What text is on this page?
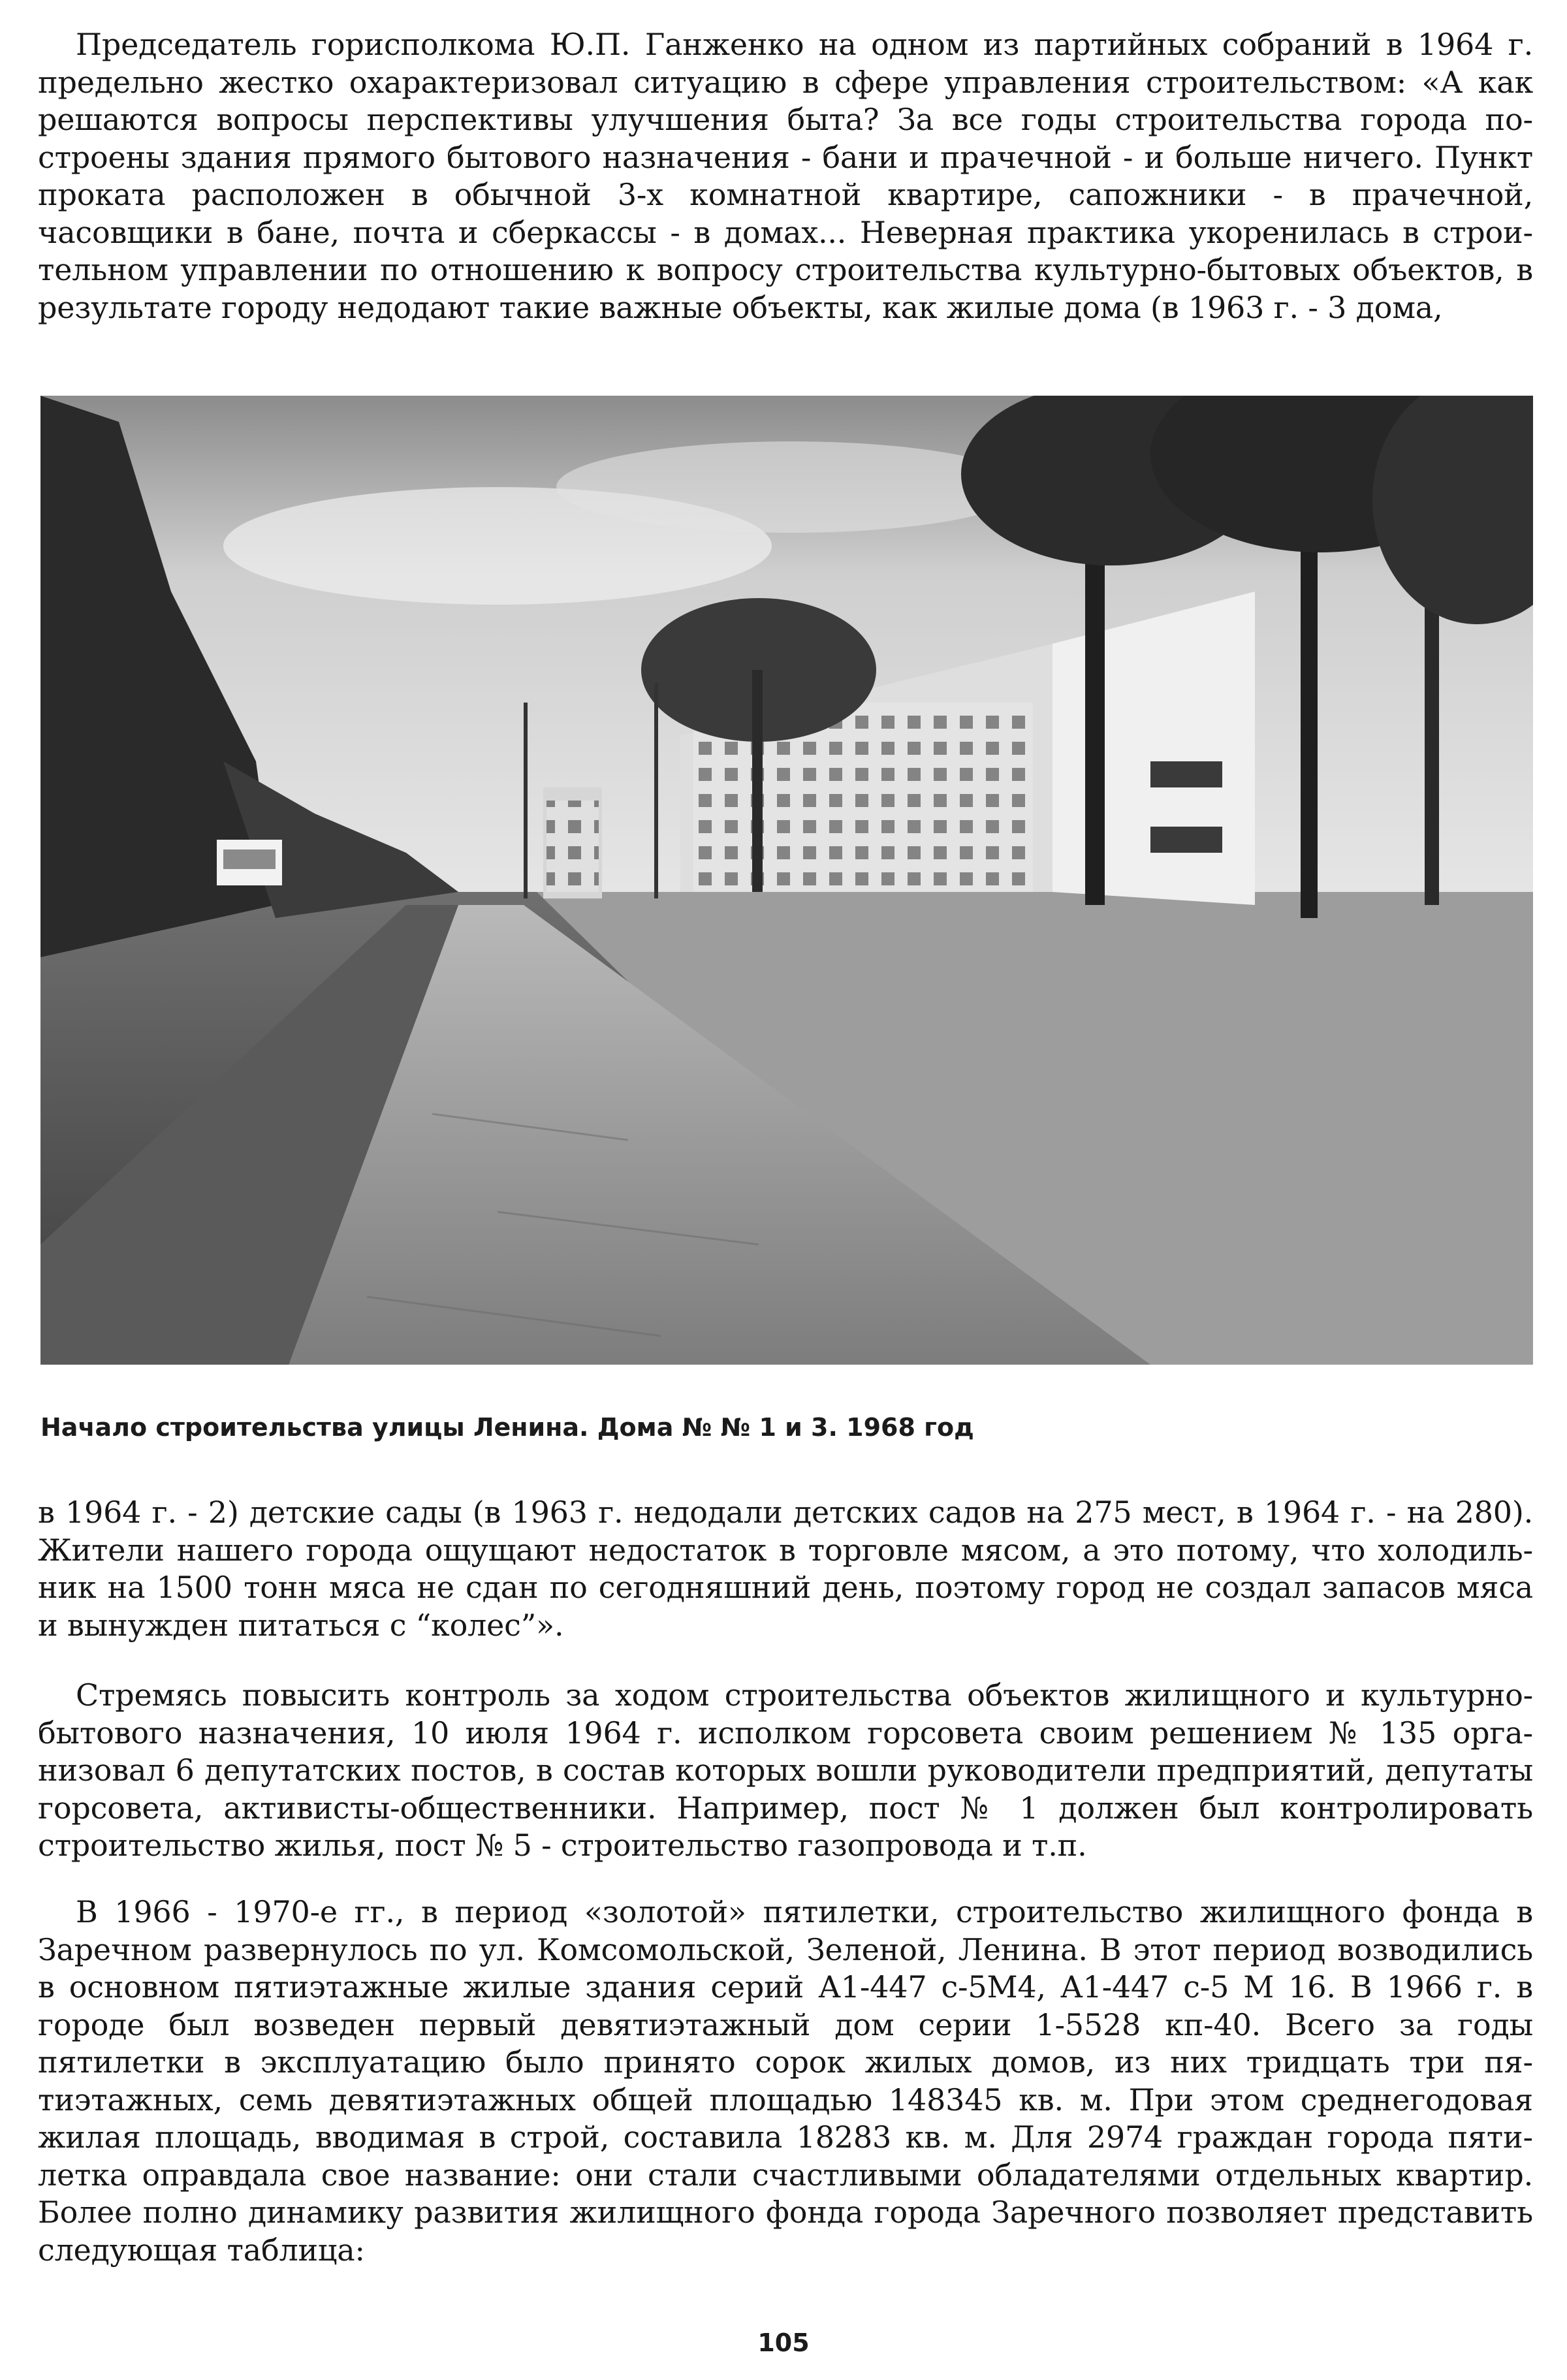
Председатель горисполкома Ю.П. Ганженко на одном из партийных собраний в 1964 г. предельно жестко охарактеризовал ситуацию в сфере управления строительством: «А как решаются вопросы перспективы улучшения быта? За все годы строительства города построены здания прямого бытового назначения - бани и прачечной - и больше ничего. Пункт проката расположен в обычной 3-х комнатной квартире, сапожники - в прачечной, часовщики в бане, почта и сберкассы - в домах... Неверная практика укоренилась в строительном управлении по отношению к вопросу строительства культурно-бытовых объектов, в результате городу недодают такие важные объекты, как жилые дома (в 1963 г. - 3 дома,

Начало строительства улицы Ленина. Дома № № 1 и 3. 1968 год

в 1964 г. - 2) детские сады (в 1963 г. недодали детских садов на 275 мест, в 1964 г. - на 280). Жители нашего города ощущают недостаток в торговле мясом, а это потому, что холодильник на 1500 тонн мяса не сдан по сегодняшний день, поэтому город не создал запасов мяса и вынужден питаться с “колес”».

Стремясь повысить контроль за ходом строительства объектов жилищного и культурно-бытового назначения, 10 июля 1964 г. исполком горсовета своим решением № 135 организовал 6 депутатских постов, в состав которых вошли руководители предприятий, депутаты горсовета, активисты-общественники. Например, пост № 1 должен был контролировать строительство жилья, пост № 5 - строительство газопровода и т.п.

В 1966 - 1970-е гг., в период «золотой» пятилетки, строительство жилищного фонда в Заречном развернулось по ул. Комсомольской, Зеленой, Ленина. В этот период возводились в основном пятиэтажные жилые здания серий А1-447 с-5М4, А1-447 с-5 М 16. В 1966 г. в городе был возведен первый девятиэтажный дом серии 1-5528 кп-40. Всего за годы пятилетки в эксплуатацию было принято сорок жилых домов, из них тридцать три пятиэтажных, семь девятиэтажных общей площадью 148345 кв. м. При этом среднегодовая жилая площадь, вводимая в строй, составила 18283 кв. м. Для 2974 граждан города пятилетка оправдала свое название: они стали счастливыми обладателями отдельных квартир. Более полно динамику развития жилищного фонда города Заречного позволяет представить следующая таблица:

105
